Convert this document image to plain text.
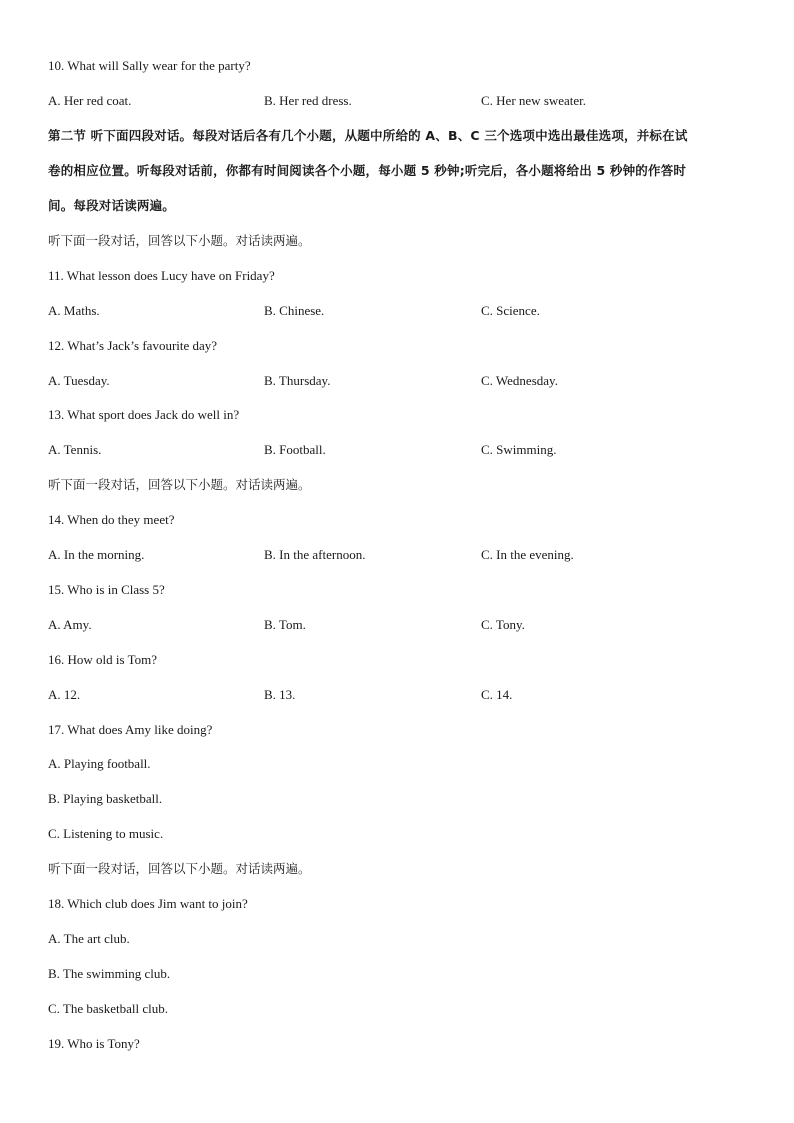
10. What will Sally wear for the party?
A. Her red coat.	B. Her red dress.	C. Her new sweater.
第二节 听下面四段对话。每段对话后各有几个小题，从题中所给的 A、B、C 三个选项中选出最佳选项，并标在试
卷的相应位置。听每段对话前，你都有时间阅读各个小题，每小题 5 秒钟;听完后，各小题将给出 5 秒钟的作答时
间。每段对话读两遍。
听下面一段对话，回答以下小题。对话读两遍。
11. What lesson does Lucy have on Friday?
A. Maths.	B. Chinese.	C. Science.
12. What’s Jack’s favourite day?
A. Tuesday.	B. Thursday.	C. Wednesday.
13. What sport does Jack do well in?
A. Tennis.	B. Football.	C. Swimming.
听下面一段对话，回答以下小题。对话读两遍。
14. When do they meet?
A. In the morning.	B. In the afternoon.	C. In the evening.
15. Who is in Class 5?
A. Amy.	B. Tom.	C. Tony.
16. How old is Tom?
A. 12.	B. 13.	C. 14.
17. What does Amy like doing?
A. Playing football.
B. Playing basketball.
C. Listening to music.
听下面一段对话，回答以下小题。对话读两遍。
18. Which club does Jim want to join?
A. The art club.
B. The swimming club.
C. The basketball club.
19. Who is Tony?
